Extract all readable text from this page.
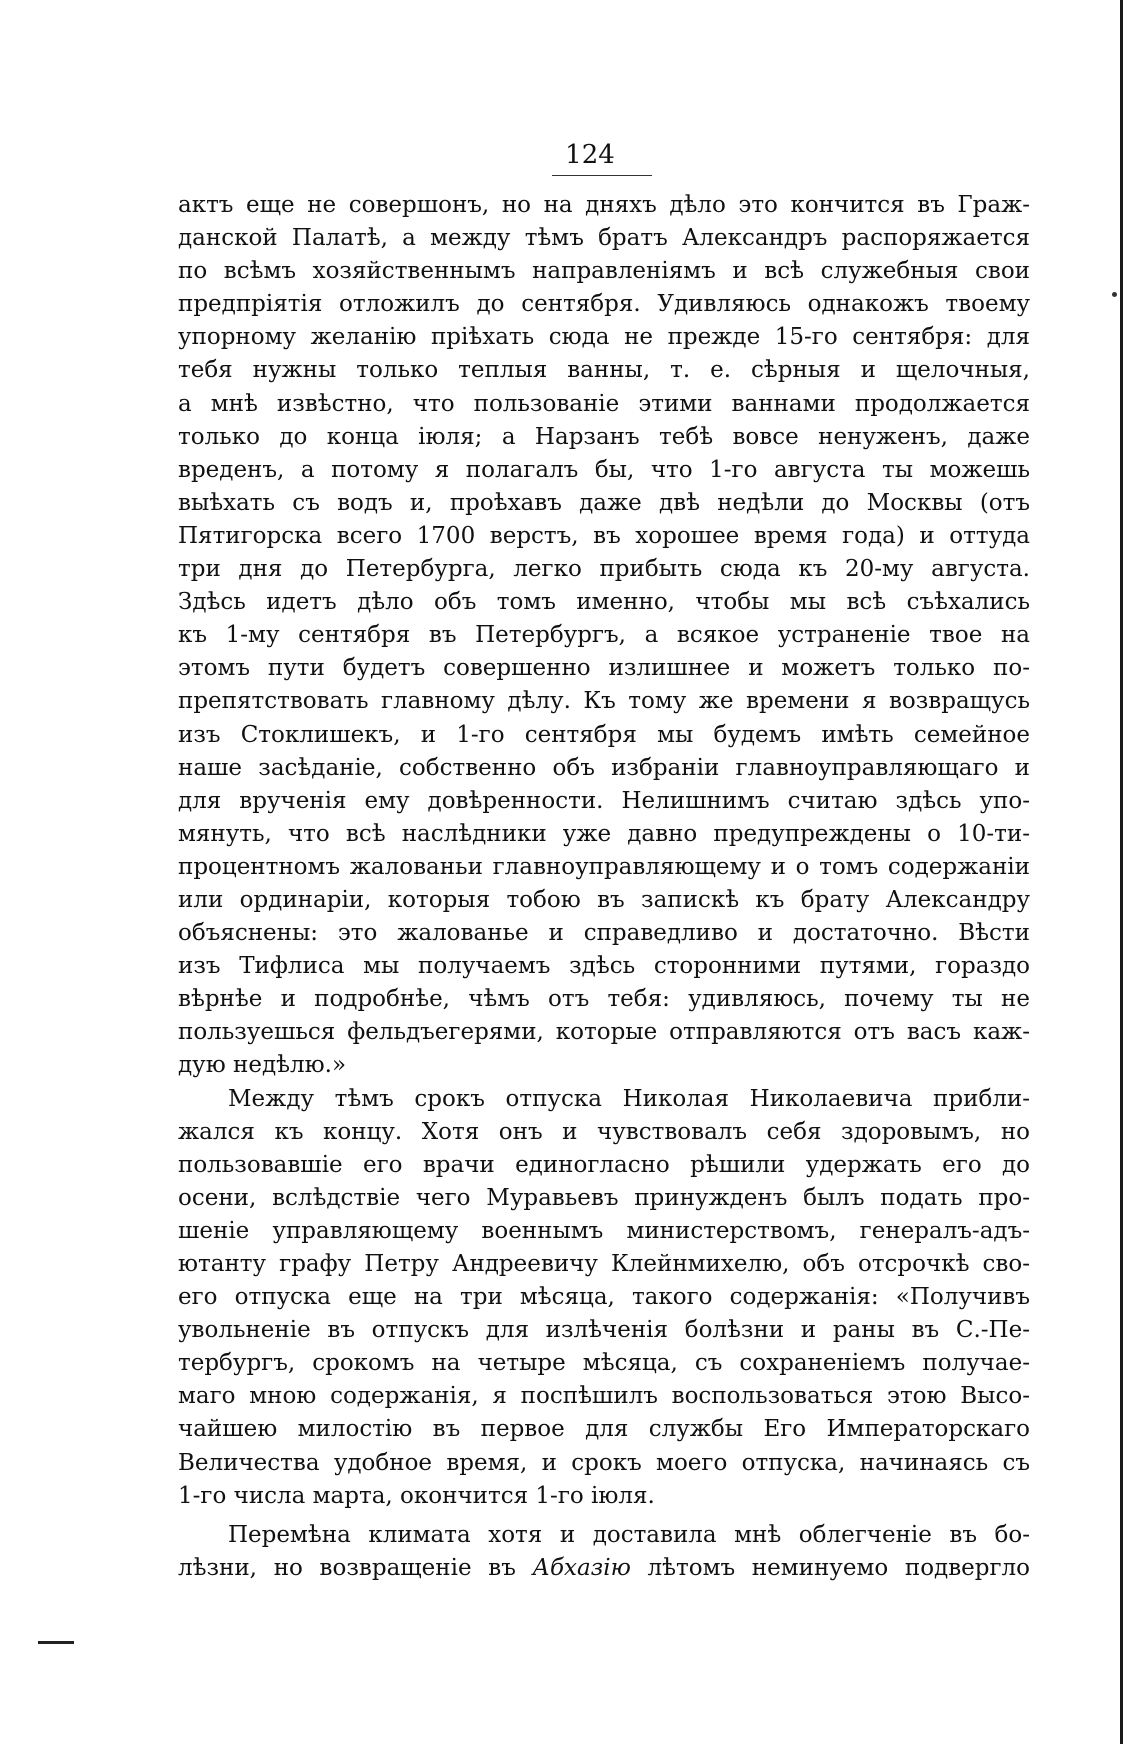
124
актъ еще не совершонъ, но на дняхъ дѣло это кончится въ Граж-
данской Палатѣ, а между тѣмъ братъ Александръ распоряжается
по всѣмъ хозяйственнымъ направленіямъ и всѣ служебныя свои
предпріятія отложилъ до сентября. Удивляюсь однакожъ твоему
упорному желанію пріѣхать сюда не прежде 15-го сентября: для
тебя нужны только теплыя ванны, т. е. сѣрныя и щелочныя,
а мнѣ извѣстно, что пользованіе этими ваннами продолжается
только до конца іюля; а Нарзанъ тебѣ вовсе ненуженъ, даже
вреденъ, а потому я полагалъ бы, что 1-го августа ты можешь
выѣхать съ водъ и, проѣхавъ даже двѣ недѣли до Москвы (отъ
Пятигорска всего 1700 верстъ, въ хорошее время года) и оттуда
три дня до Петербурга, легко прибыть сюда къ 20-му августа.
Здѣсь идетъ дѣло объ томъ именно, чтобы мы всѣ съѣхались
къ 1-му сентября въ Петербургъ, а всякое устраненіе твое на
этомъ пути будетъ совершенно излишнее и можетъ только по-
препятствовать главному дѣлу. Къ тому же времени я возвращусь
изъ Стоклишекъ, и 1-го сентября мы будемъ имѣть семейное
наше засѣданіе, собственно объ избраніи главноуправляющаго и
для врученія ему довѣренности. Нелишнимъ считаю здѣсь упо-
мянуть, что всѣ наслѣдники уже давно предупреждены о 10-ти-
процентномъ жалованьи главноуправляющему и о томъ содержаніи
или ординаріи, которыя тобою въ запискѣ къ брату Александру
объяснены: это жалованье и справедливо и достаточно. Вѣсти
изъ Тифлиса мы получаемъ здѣсь сторонними путями, гораздо
вѣрнѣе и подробнѣе, чѣмъ отъ тебя: удивляюсь, почему ты не
пользуешься фельдъегерями, которые отправляются отъ васъ каж-
дую недѣлю.»
Между тѣмъ срокъ отпуска Николая Николаевича прибли-
жался къ концу. Хотя онъ и чувствовалъ себя здоровымъ, но
пользовавшіе его врачи единогласно рѣшили удержать его до
осени, вслѣдствіе чего Муравьевъ принужденъ былъ подать про-
шеніе управляющему военнымъ министерствомъ, генералъ-адъ-
ютанту графу Петру Андреевичу Клейнмихелю, объ отсрочкѣ сво-
его отпуска еще на три мѣсяца, такого содержанія: «Получивъ
увольненіе въ отпускъ для излѣченія болѣзни и раны въ С.-Пе-
тербургъ, срокомъ на четыре мѣсяца, съ сохраненіемъ получае-
маго мною содержанія, я поспѣшилъ воспользоваться этою Высо-
чайшею милостію въ первое для службы Его Императорскаго
Величества удобное время, и срокъ моего отпуска, начинаясь съ
1-го числа марта, окончится 1-го іюля.
Перемѣна климата хотя и доставила мнѣ облегченіе въ бо-
лѣзни, но возвращеніе въ Абхазію лѣтомъ неминуемо подвергло
